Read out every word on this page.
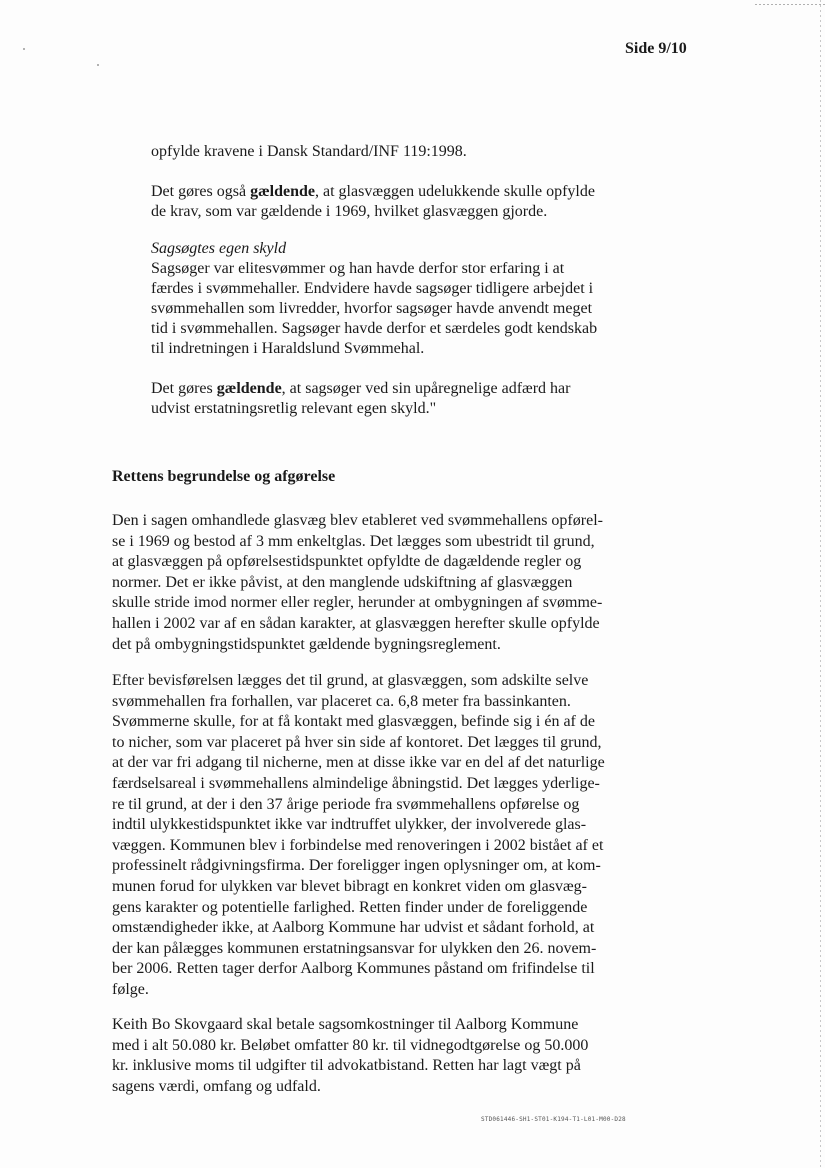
Side 9/10

opfylde kravene i Dansk Standard/INF 119:1998.

Det gøres også gældende, at glasvæggen udelukkende skulle opfylde

de krav, som var gældende i 1969, hvilket glasvæggen gjorde.

Sagsøgtes egen skyld

Sagsøger var elitesvømmer og han havde derfor stor erfaring i at
færdes i svømmehaller. Endvidere havde sagsøger tidligere arbejdet i
svømmehallen som livredder, hvorfor sagsøger havde anvendt meget
tid i svømmehallen. Sagsøger havde derfor et særdeles godt kendskab
til indretningen i Haraldslund Svømmehal.

Det gøres gældende, at sagsøger ved sin upåregnelige adfærd har

udvist erstatningsretlig relevant egen skyld."

Rettens begrundelse og afgørelse
Den i sagen omhandlede glasvæg blev etableret ved svømmehallens opførel-
se i 1969 og bestod af 3 mm enkeltglas. Det lægges som ubestridt til grund,
at glasvæggen på opførelsestidspunktet opfyldte de dagældende regler og
normer. Det er ikke påvist, at den manglende udskiftning af glasvæggen
skulle stride imod normer eller regler, herunder at ombygningen af svømme-
hallen i 2002 var af en sådan karakter, at glasvæggen herefter skulle opfylde
det på ombygningstidspunktet gældende bygningsreglement.
Efter bevisførelsen lægges det til grund, at glasvæggen, som adskilte selve
svømmehallen fra forhallen, var placeret ca. 6,8 meter fra bassinkanten.
Svømmerne skulle, for at få kontakt med glasvæggen, befinde sig i én af de
to nicher, som var placeret på hver sin side af kontoret. Det lægges til grund,
at der var fri adgang til nicherne, men at disse ikke var en del af det naturlige
færdselsareal i svømmehallens almindelige åbningstid. Det lægges yderlige-
re til grund, at der i den 37 årige periode fra svømmehallens opførelse og
indtil ulykkestidspunktet ikke var indtruffet ulykker, der involverede glas-
væggen. Kommunen blev i forbindelse med renoveringen i 2002 bistået af et
professinelt rådgivningsfirma. Der foreligger ingen oplysninger om, at kom-
munen forud for ulykken var blevet bibragt en konkret viden om glasvæg-
gens karakter og potentielle farlighed. Retten finder under de foreliggende
omstændigheder ikke, at Aalborg Kommune har udvist et sådant forhold, at
der kan pålægges kommunen erstatningsansvar for ulykken den 26. novem-
ber 2006. Retten tager derfor Aalborg Kommunes påstand om frifindelse til
følge.
Keith Bo Skovgaard skal betale sagsomkostninger til Aalborg Kommune
med i alt 50.080 kr. Beløbet omfatter 80 kr. til vidnegodtgørelse og 50.000
kr. inklusive moms til udgifter til advokatbistand. Retten har lagt vægt på
sagens værdi, omfang og udfald.
STD061446-SH1-ST01-K194-T1-L01-M00-D28
